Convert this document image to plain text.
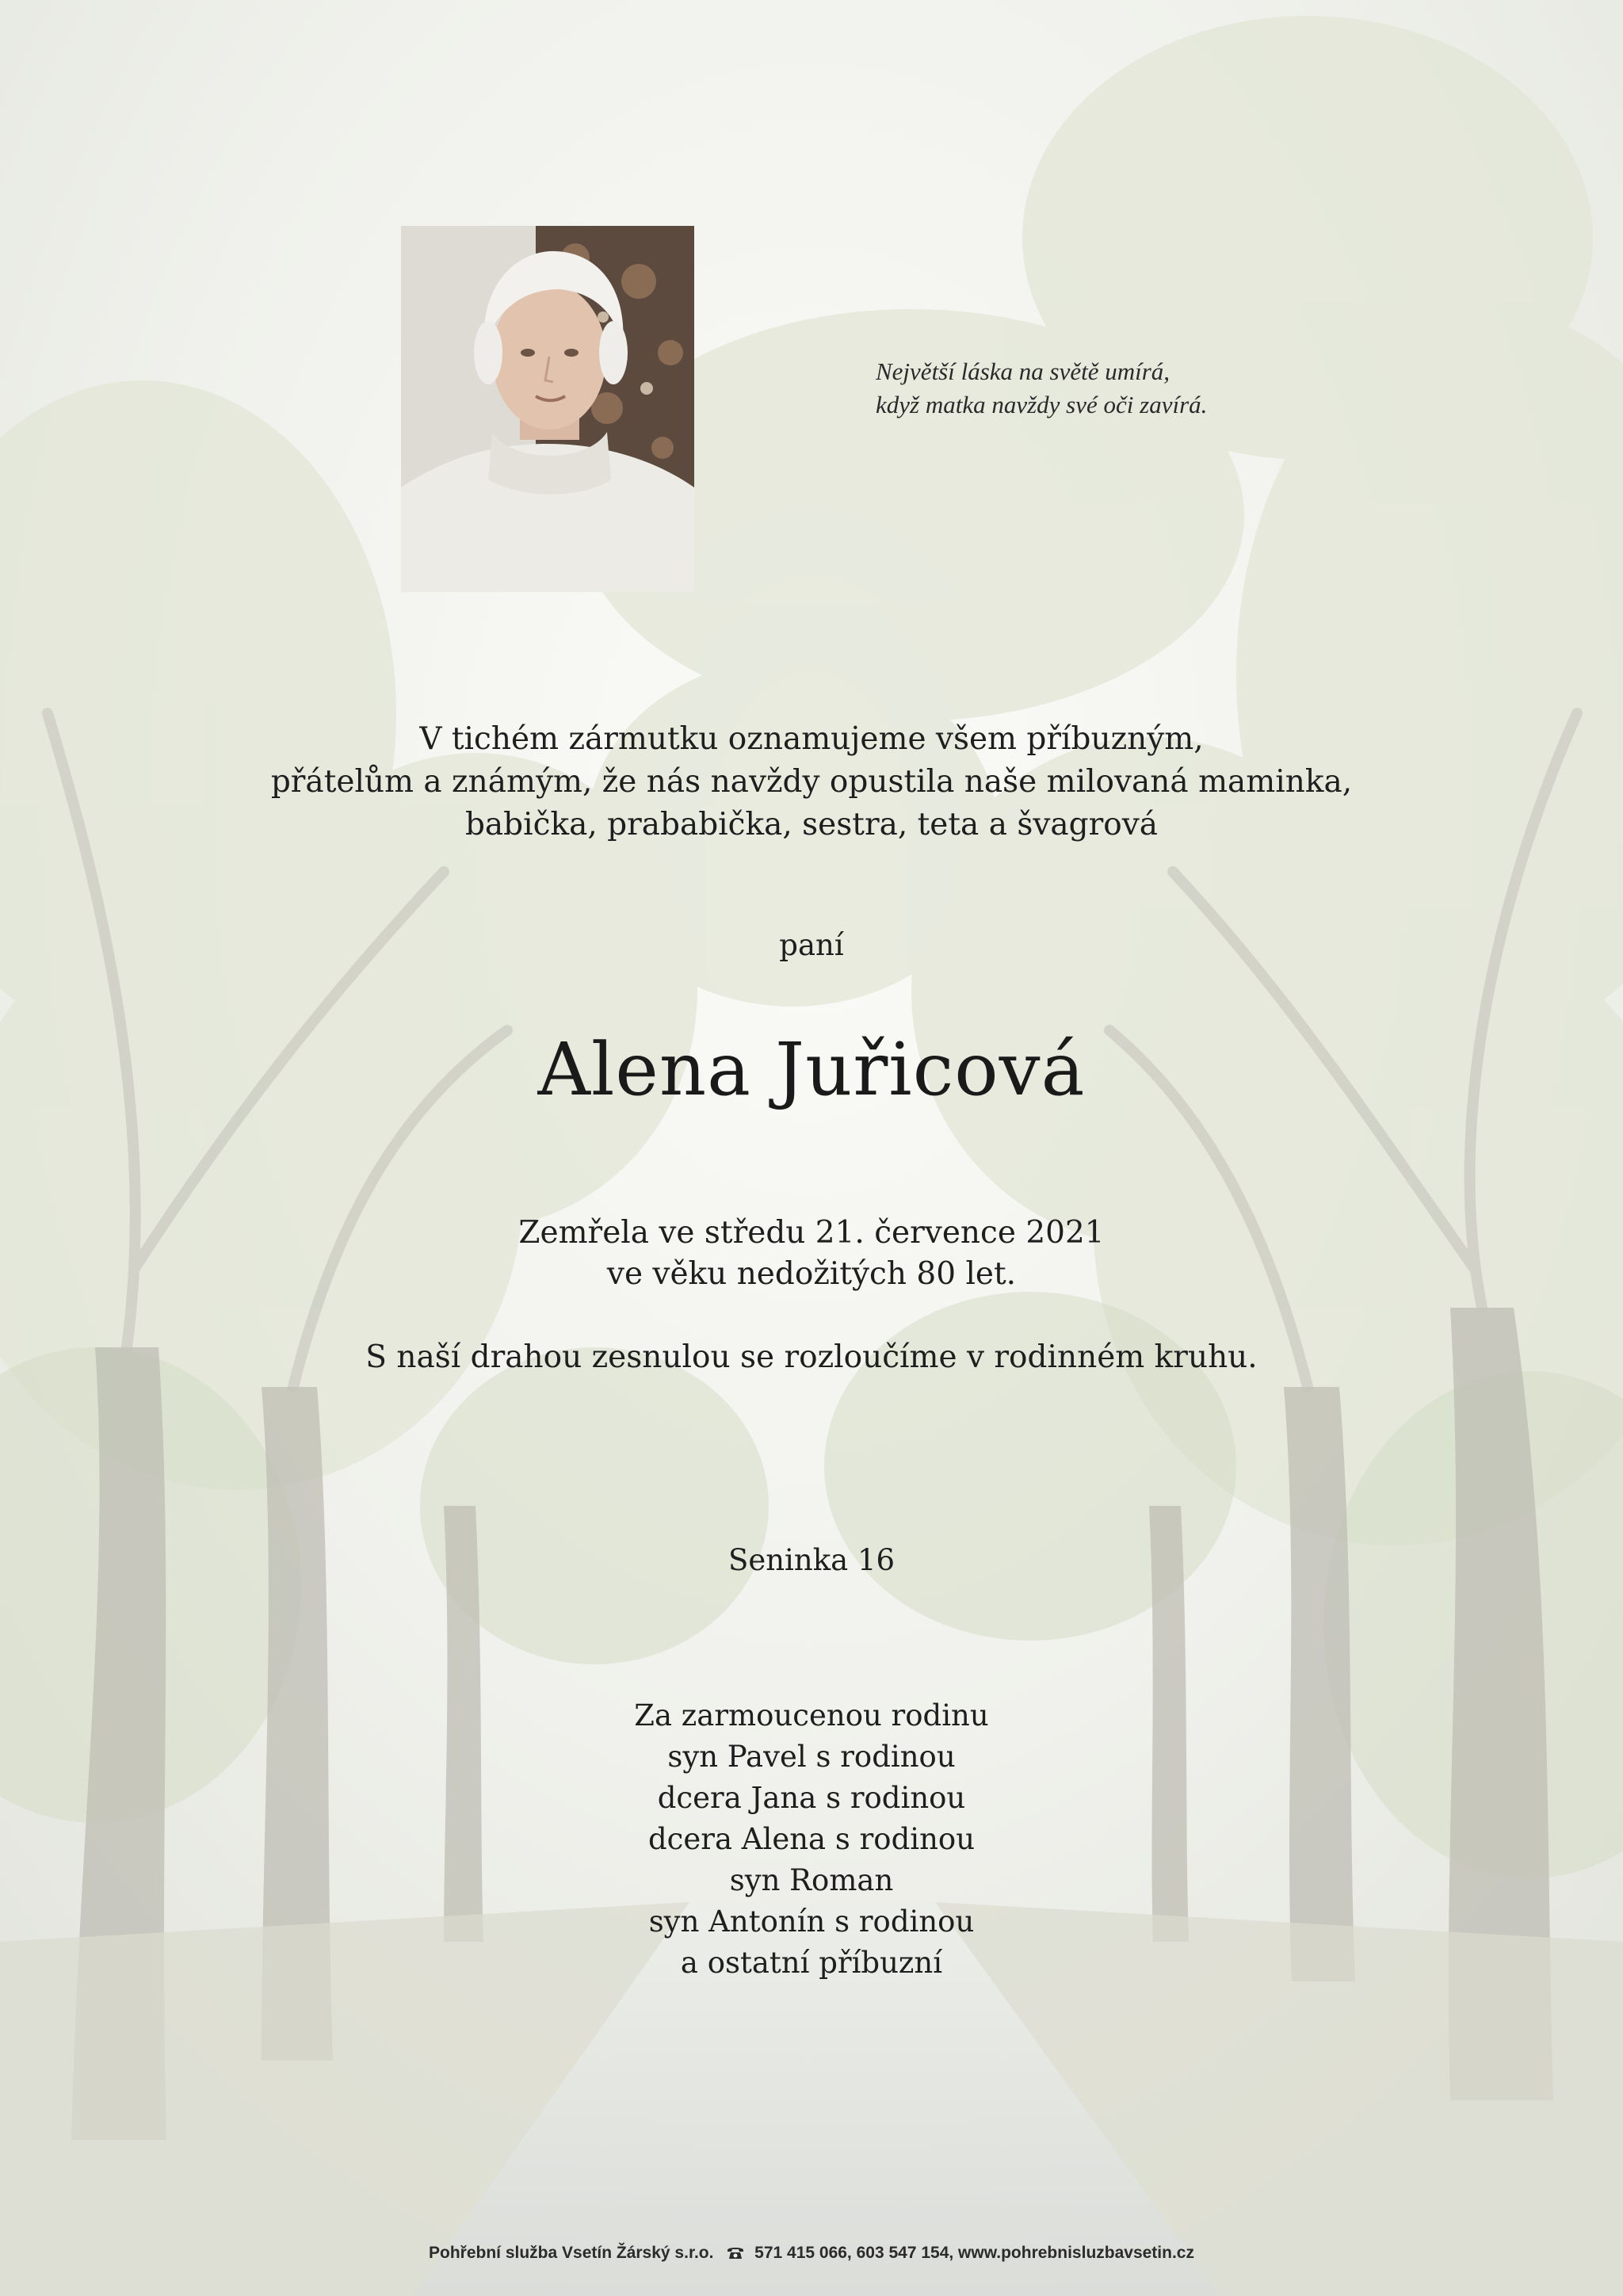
Největší láska na světě umírá,
když matka navždy své oči zavírá.
V tichém zármutku oznamujeme všem příbuzným,
přátelům a známým, že nás navždy opustila naše milovaná maminka,
babička, prababička, sestra, teta a švagrová
paní
Alena Juřicová
Zemřela ve středu 21. července 2021
ve věku nedožitých 80 let.
S naší drahou zesnulou se rozloučíme v rodinném kruhu.
Seninka 16
Za zarmoucenou rodinu
syn Pavel s rodinou
dcera Jana s rodinou
dcera Alena s rodinou
syn Roman
syn Antonín s rodinou
a ostatní příbuzní
Pohřební služba Vsetín Žárský s.r.o. 571 415 066, 603 547 154, www.pohrebnisluzbavsetin.cz
